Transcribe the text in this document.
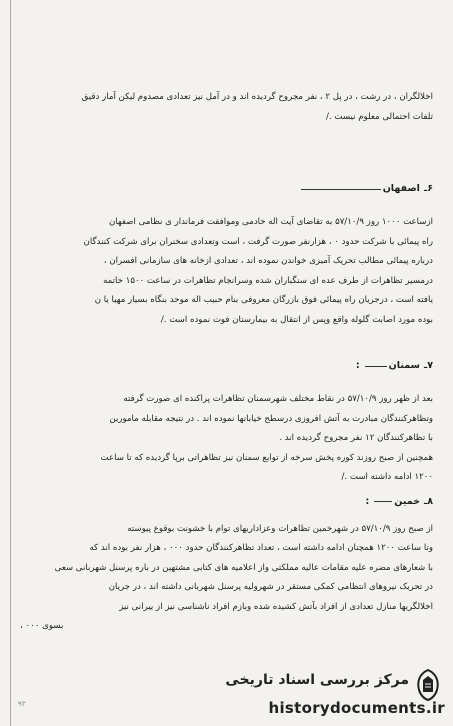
اخلالگران ، در رشت ، در پل ۲ ، نفر مجروح گردیده اند و در آمل نیز تعدادی مصدوم لیکن آمار دقیق
تلفات احتمالی معلوم نیست ./

۶ـ
اصفهان

ازساعت ۱۰۰۰ روز ۵۷/۱۰/۹ به تقاضای آیت اله خادمی وموافقت فرماندار ی نظامی اصفهان
راه پیمائی با شرکت حدود ۰ ، هزارنفر صورت گرفت ، است وتعدادی سخنران برای شرکت کنندگان
درباره پیمائی مطالب تحریک آمیزی خواندن نموده اند ، تعدادی ازخانه های سازمانی افسران ،
درمسیر تظاهرات از طرف عده ای سنگباران شده وسرانجام تظاهرات در ساعت ۱۵۰۰ خاتمه
یافته است ، درجریان راه پیمائی فوق بازرگان معروفی بنام حبیب اله موحد بنگاه بسیار مهیا یا ن
بوده مورد اصابت گلوله واقع وپس از انتقال به بیمارستان فوت نموده است ./

۷ـ
سمنان
:

بعد از ظهر روز ۵۷/۱۰/۹ در نقاط مختلف شهرسمنان تظاهرات پراکنده ای صورت گرفته
وتظاهرکنندگان مبادرت به آتش افروزی درسطح خیابانها نموده اند . در نتیجه مقابله مامورین
با تظاهرکنندگان ۱۲ نفر مجروح گردیده اند .
همچنین از صبح روزند کوره پخش سرخه از توابع سمنان نیز تظاهراتی برپا گردیده که تا ساعت
۱۲۰۰ ادامه داشته است ./

۸ـ
خمین
:

از صبح روز ۵۷/۱۰/۹ در شهرخمین تظاهرات وعزاداریهای توام با خشونت بوقوع پیوسته
وتا ساعت ۱۲۰۰ همچنان ادامه داشته است ، تعداد تظاهرکنندگان حدود ۰۰۰ ، هزار نفر بوده اند که
با شعارهای مضره علیه مقامات عالیه مملکتی واز اعلامیه های کتابی مشتهین در باره پرسنل شهربانی سعی
در تحریک نیروهای انتظامی کمکی مستقر در شهرولیه پرسنل شهربانی داشته اند ، در جریان
اخلالگریها منازل تعدادی از افراد بآتش کشیده شده وبازم افراد ناشناسی نیز از ییرانی نیز
بسوی ۰۰۰ ،

۹۳
مرکز بررسی اسناد تاریخی
historydocuments.ir
